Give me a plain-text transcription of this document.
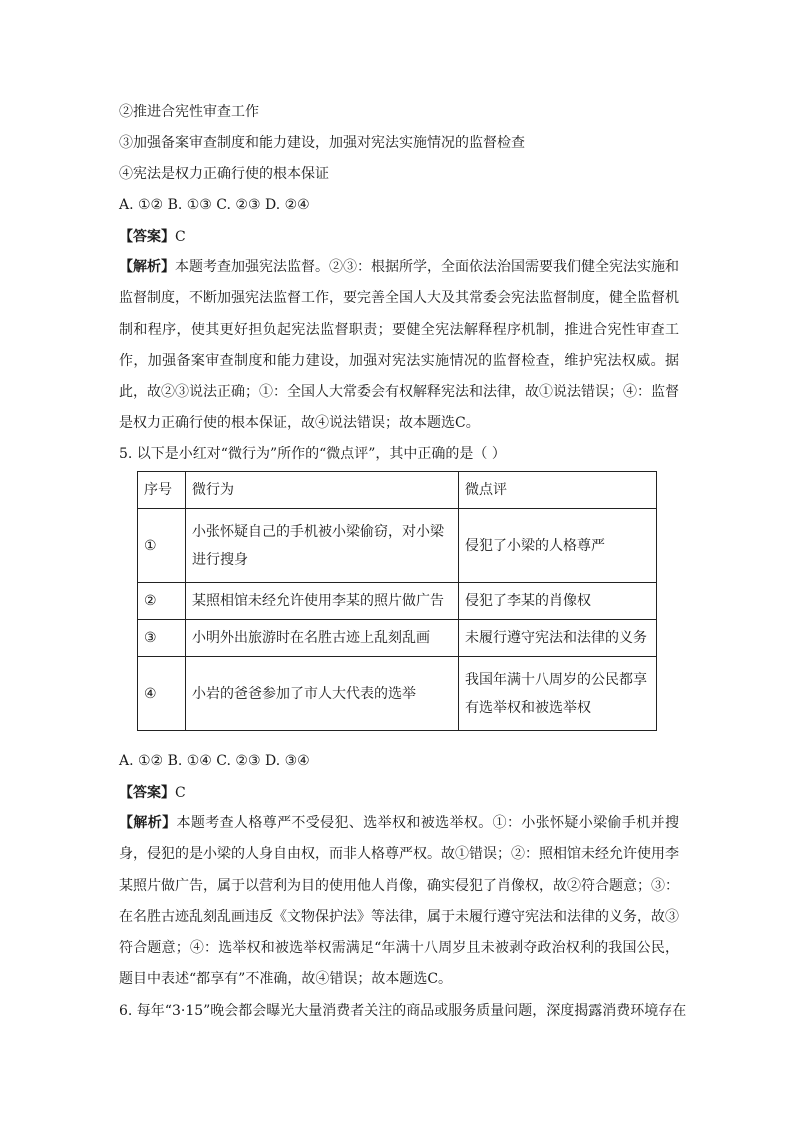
②推进合宪性审查工作
③加强备案审查制度和能力建设，加强对宪法实施情况的监督检查
④宪法是权力正确行使的根本保证
A. ①② B. ①③ C. ②③ D. ②④
【答案】C
【解析】本题考查加强宪法监督。②③：根据所学，全面依法治国需要我们健全宪法实施和监督制度，不断加强宪法监督工作，要完善全国人大及其常委会宪法监督制度，健全监督机制和程序，使其更好担负起宪法监督职责；要健全宪法解释程序机制，推进合宪性审查工作，加强备案审查制度和能力建设，加强对宪法实施情况的监督检查，维护宪法权威。据此，故②③说法正确；①：全国人大常委会有权解释宪法和法律，故①说法错误；④：监督是权力正确行使的根本保证，故④说法错误；故本题选C。
5. 以下是小红对“微行为”所作的“微点评”，其中正确的是（ ）
序号	微行为	微点评
①	小张怀疑自己的手机被小梁偷窃，对小梁进行搜身	侵犯了小梁的人格尊严
②	某照相馆未经允许使用李某的照片做广告	侵犯了李某的肖像权
③	小明外出旅游时在名胜古迹上乱刻乱画	未履行遵守宪法和法律的义务
④	小岩的爸爸参加了市人大代表的选举	我国年满十八周岁的公民都享有选举权和被选举权
A. ①② B. ①④ C. ②③ D. ③④
【答案】C
【解析】本题考查人格尊严不受侵犯、选举权和被选举权。①：小张怀疑小梁偷手机并搜身，侵犯的是小梁的人身自由权，而非人格尊严权。故①错误；②：照相馆未经允许使用李某照片做广告，属于以营利为目的使用他人肖像，确实侵犯了肖像权，故②符合题意；③：在名胜古迹乱刻乱画违反《文物保护法》等法律，属于未履行遵守宪法和法律的义务，故③符合题意；④：选举权和被选举权需满足“年满十八周岁且未被剥夺政治权利的我国公民，题目中表述“都享有”不准确，故④错误；故本题选C。
6. 每年“3·15”晚会都会曝光大量消费者关注的商品或服务质量问题，深度揭露消费环境存在
